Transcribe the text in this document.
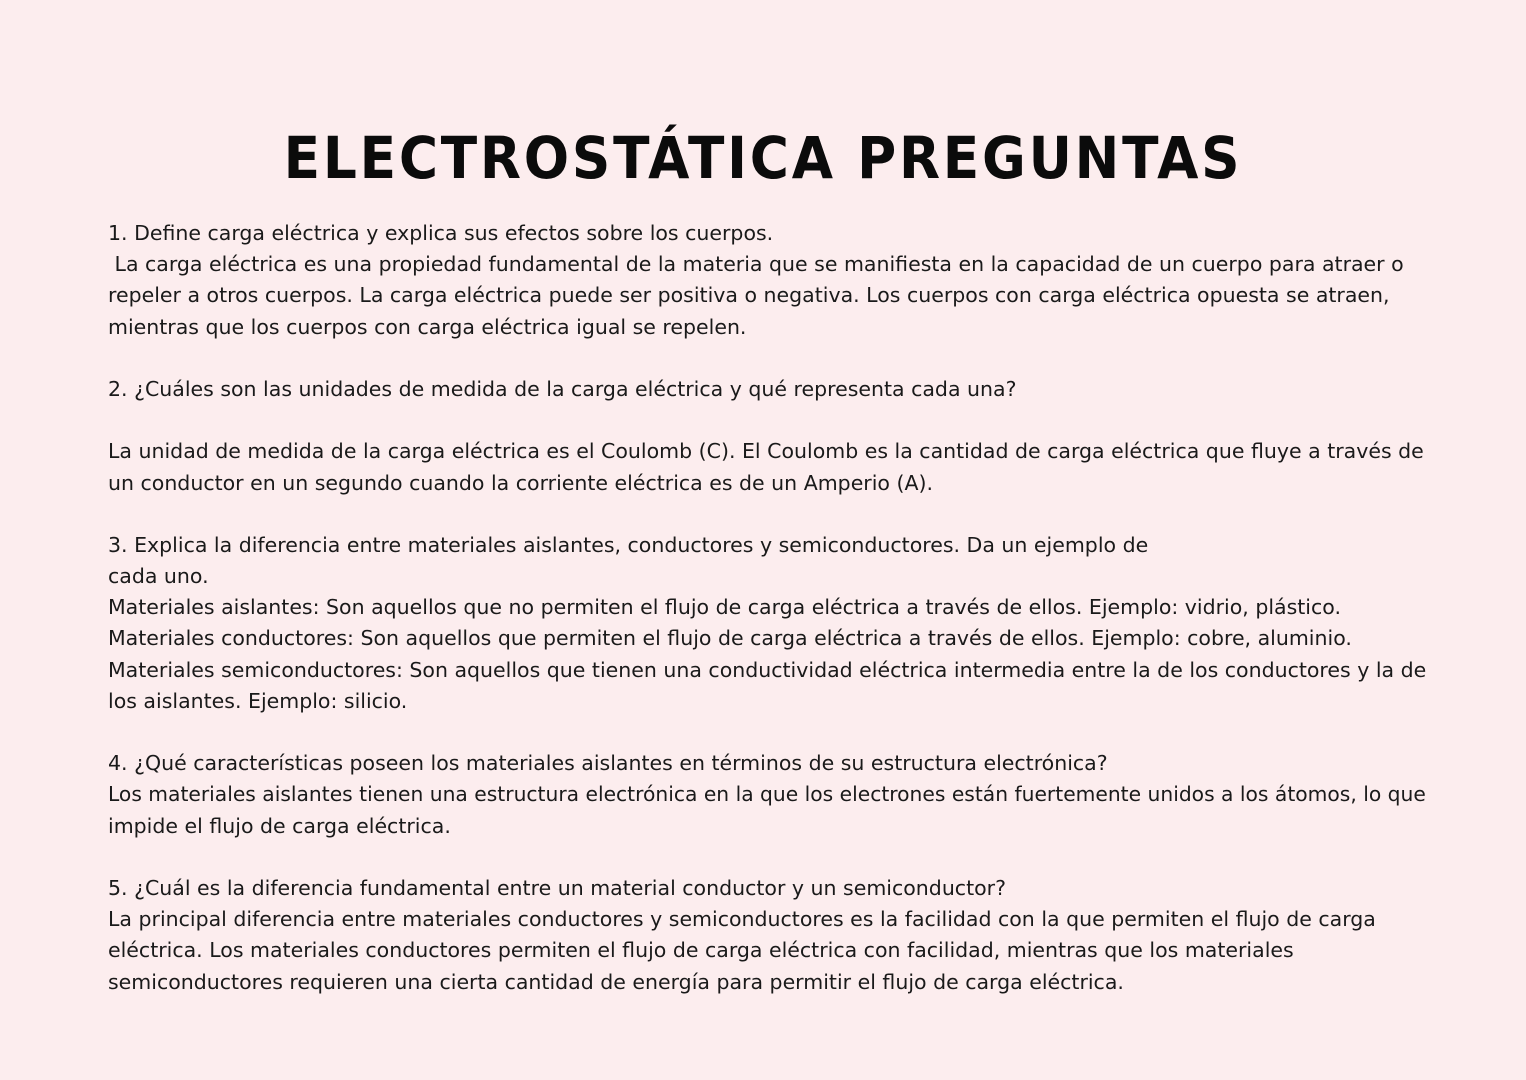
ELECTROSTÁTICA PREGUNTAS
1. Define carga eléctrica y explica sus efectos sobre los cuerpos.
La carga eléctrica es una propiedad fundamental de la materia que se manifiesta en la capacidad de un cuerpo para atraer o
repeler a otros cuerpos. La carga eléctrica puede ser positiva o negativa. Los cuerpos con carga eléctrica opuesta se atraen,
mientras que los cuerpos con carga eléctrica igual se repelen.
2. ¿Cuáles son las unidades de medida de la carga eléctrica y qué representa cada una?
La unidad de medida de la carga eléctrica es el Coulomb (C). El Coulomb es la cantidad de carga eléctrica que fluye a través de
un conductor en un segundo cuando la corriente eléctrica es de un Amperio (A).
3. Explica la diferencia entre materiales aislantes, conductores y semiconductores. Da un ejemplo de
cada uno.
Materiales aislantes: Son aquellos que no permiten el flujo de carga eléctrica a través de ellos. Ejemplo: vidrio, plástico.
Materiales conductores: Son aquellos que permiten el flujo de carga eléctrica a través de ellos. Ejemplo: cobre, aluminio.
Materiales semiconductores: Son aquellos que tienen una conductividad eléctrica intermedia entre la de los conductores y la de
los aislantes. Ejemplo: silicio.
4. ¿Qué características poseen los materiales aislantes en términos de su estructura electrónica?
Los materiales aislantes tienen una estructura electrónica en la que los electrones están fuertemente unidos a los átomos, lo que
impide el flujo de carga eléctrica.
5. ¿Cuál es la diferencia fundamental entre un material conductor y un semiconductor?
La principal diferencia entre materiales conductores y semiconductores es la facilidad con la que permiten el flujo de carga
eléctrica. Los materiales conductores permiten el flujo de carga eléctrica con facilidad, mientras que los materiales
semiconductores requieren una cierta cantidad de energía para permitir el flujo de carga eléctrica.
